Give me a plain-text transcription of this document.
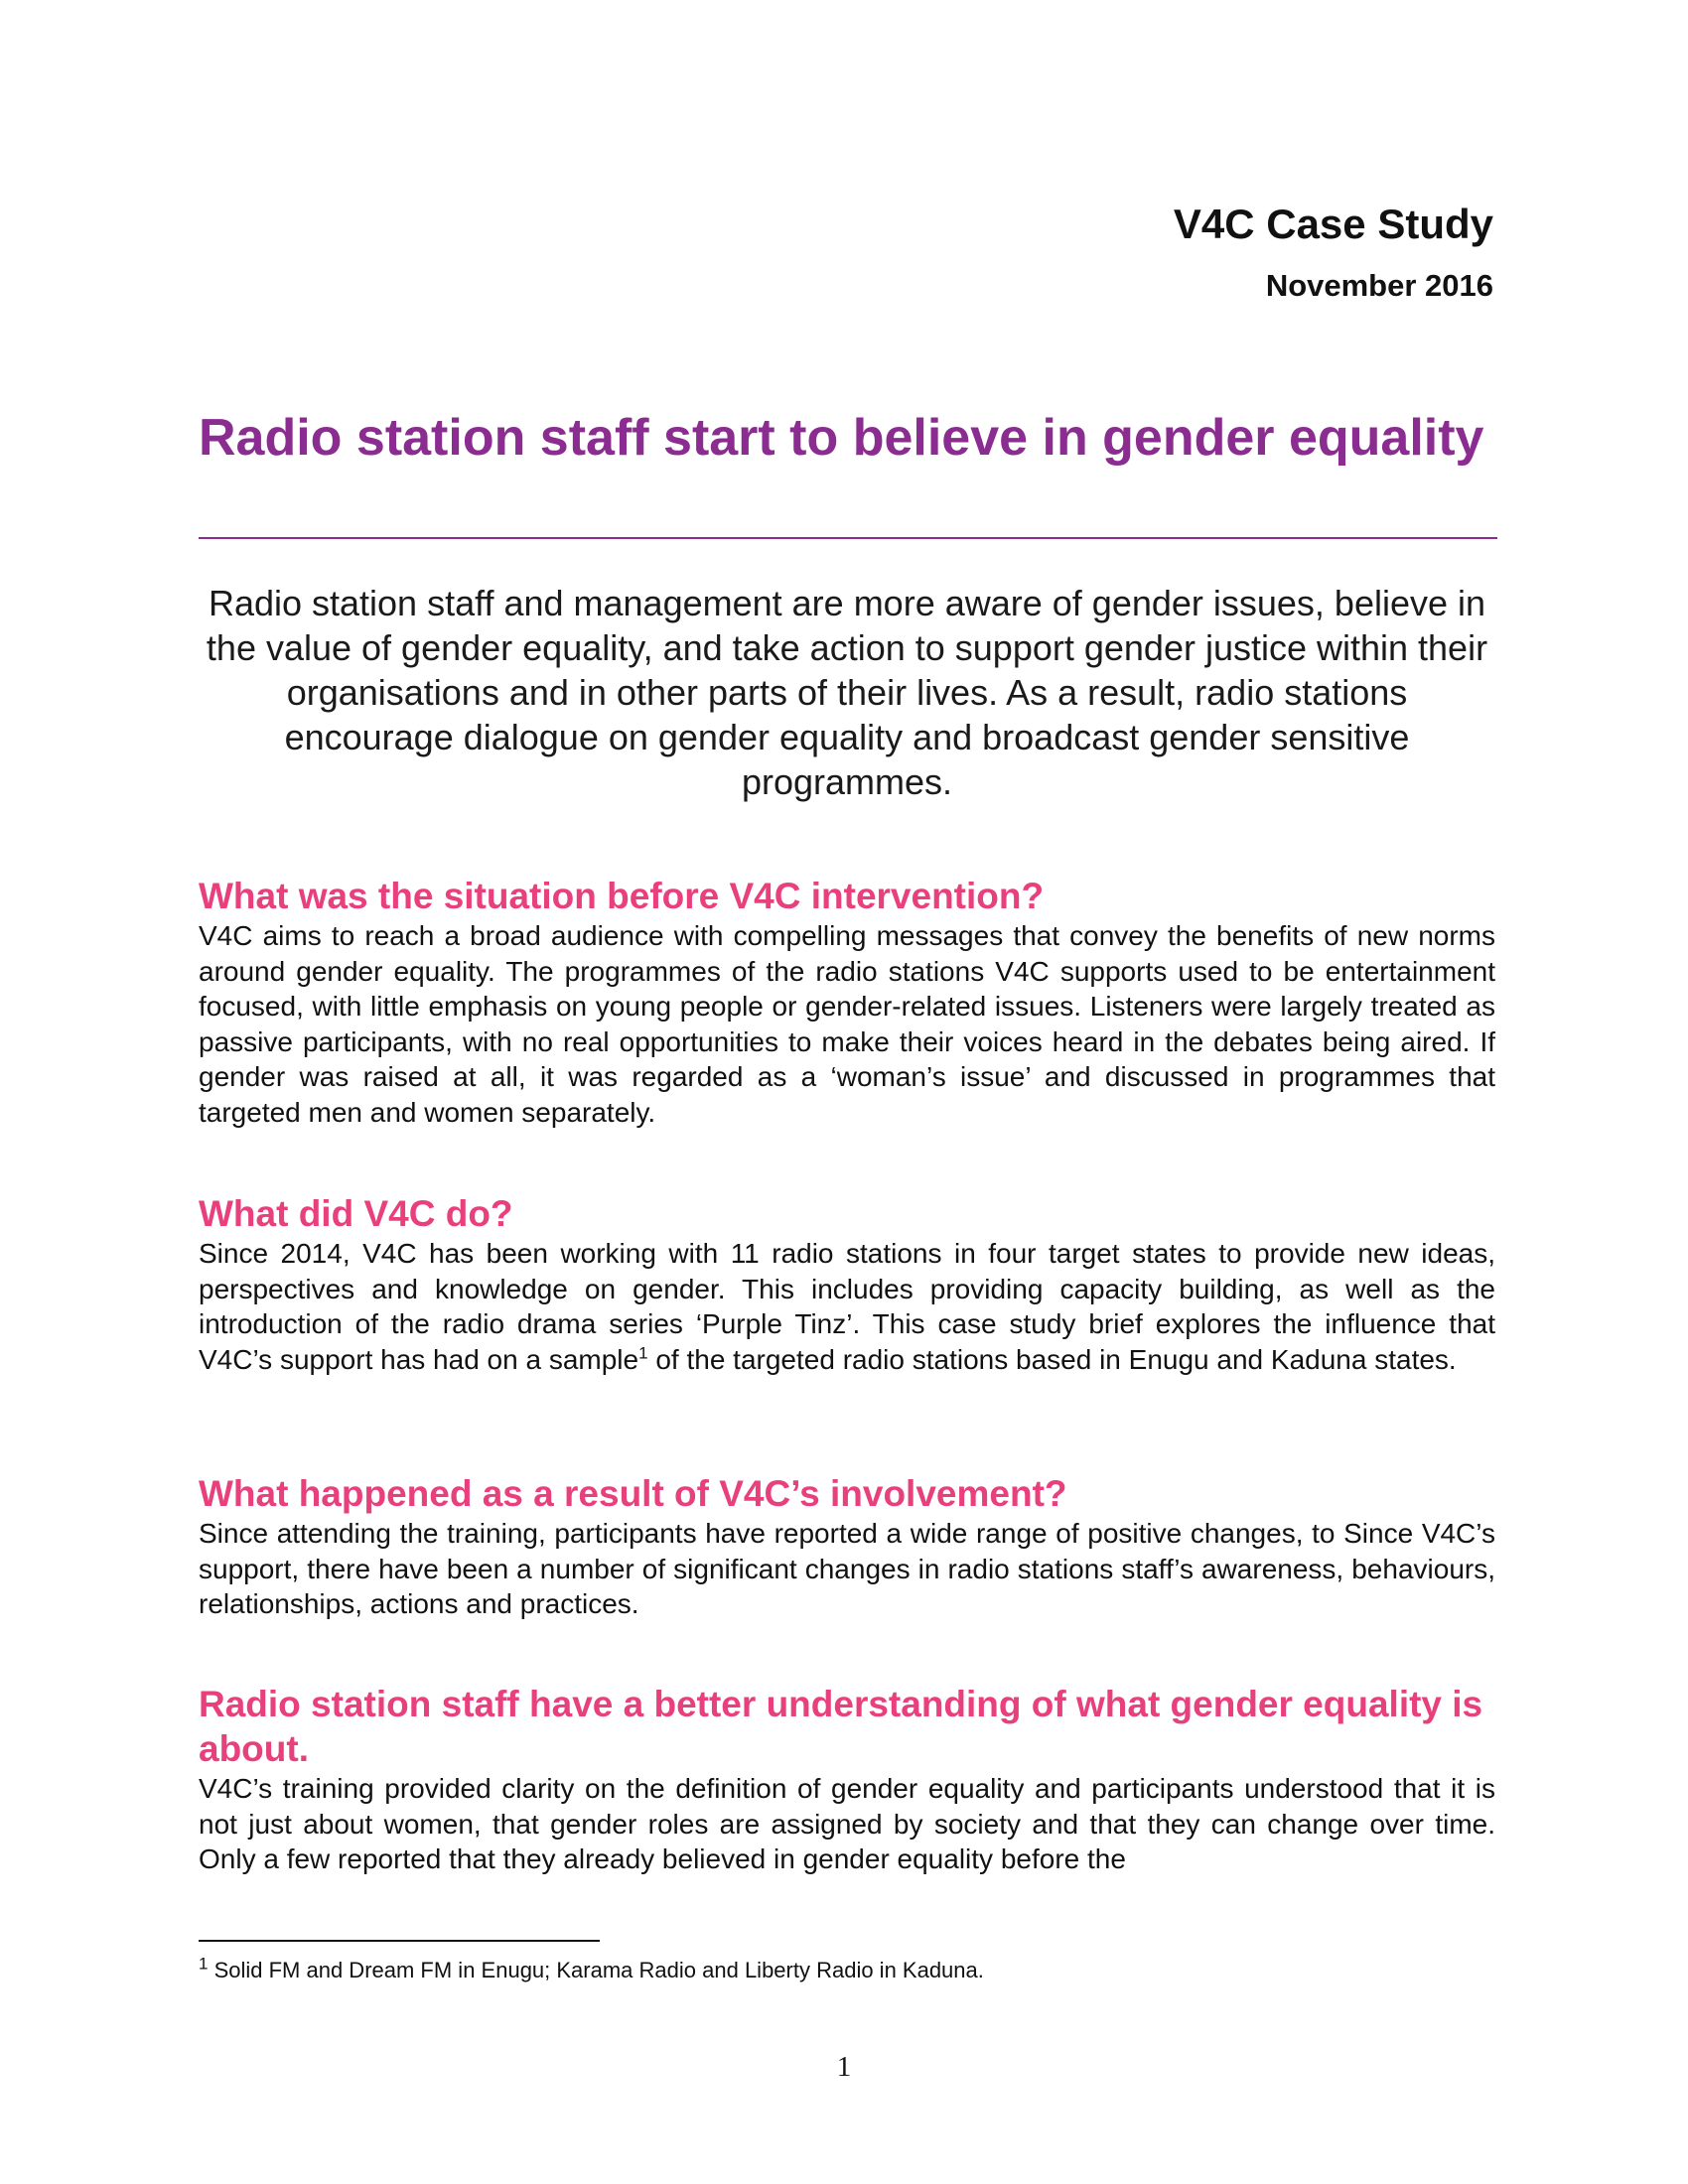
V4C Case Study
November 2016
Radio station staff start to believe in gender equality

Radio station staff and management are more aware of gender issues, believe in the value of gender equality, and take action to support gender justice within their organisations and in other parts of their lives. As a result, radio stations encourage dialogue on gender equality and broadcast gender sensitive programmes.

What was the situation before V4C intervention?

V4C aims to reach a broad audience with compelling messages that convey the benefits of new norms around gender equality. The programmes of the radio stations V4C supports used to be entertainment focused, with little emphasis on young people or gender-related issues. Listeners were largely treated as passive participants, with no real opportunities to make their voices heard in the debates being aired. If gender was raised at all, it was regarded as a ‘woman’s issue’ and discussed in programmes that targeted men and women separately.

What did V4C do?

Since 2014, V4C has been working with 11 radio stations in four target states to provide new ideas, perspectives and knowledge on gender. This includes providing capacity building, as well as the introduction of the radio drama series ‘Purple Tinz’. This case study brief explores the influence that V4C’s support has had on a sample$^1$ of the targeted radio stations based in Enugu and Kaduna states.

What happened as a result of V4C’s involvement?

Since attending the training, participants have reported a wide range of positive changes, to Since V4C’s support, there have been a number of significant changes in radio stations staff’s awareness, behaviours, relationships, actions and practices.

Radio station staff have a better understanding of what gender equality is about.

V4C’s training provided clarity on the definition of gender equality and participants understood that it is not just about women, that gender roles are assigned by society and that they can change over time. Only a few reported that they already believed in gender equality before the

$^1$ Solid FM and Dream FM in Enugu; Karama Radio and Liberty Radio in Kaduna.

1
